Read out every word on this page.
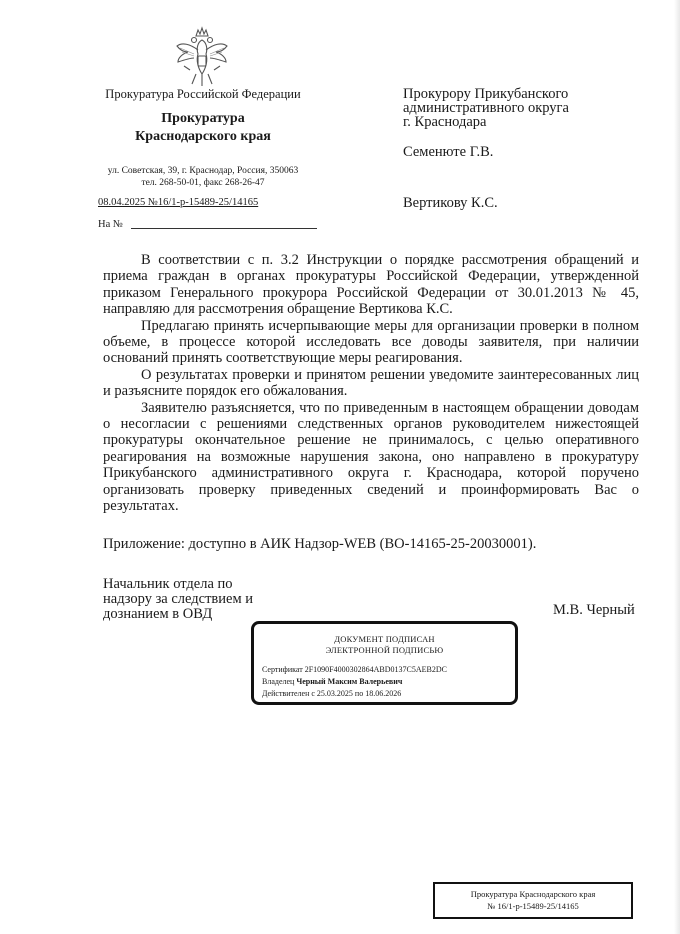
Прокуратура Российской Федерации
Прокуратура
Краснодарского края
ул. Советская, 39, г. Краснодар, Россия, 350063
тел. 268-50-01, факс 268-26-47
08.04.2025 №16/1-р-15489-25/14165
На №
Прокурору Прикубанского
административного округа
г. Краснодара
Семенюте Г.В.
Вертикову К.С.

В соответствии с п. 3.2 Инструкции о порядке рассмотрения обращений и приема граждан в органах прокуратуры Российской Федерации, утвержденной приказом Генерального прокурора Российской Федерации от 30.01.2013 № 45, направляю для рассмотрения обращение Вертикова К.С.

Предлагаю принять исчерпывающие меры для организации проверки в полном объеме, в процессе которой исследовать все доводы заявителя, при наличии оснований принять соответствующие меры реагирования.

О результатах проверки и принятом решении уведомите заинтересованных лиц и разъясните порядок его обжалования.

Заявителю разъясняется, что по приведенным в настоящем обращении доводам о несогласии с решениями следственных органов руководителем нижестоящей прокуратуры окончательное решение не принималось, с целью оперативного реагирования на возможные нарушения закона, оно направлено в прокуратуру Прикубанского административного округа г. Краснодара, которой поручено организовать проверку приведенных сведений и проинформировать Вас о результатах.

Приложение: доступно в АИК Надзор-WEB (ВО-14165-25-20030001).
Начальник отдела по
надзору за следствием и
дознанием в ОВД	М.В. Черный
ДОКУМЕНТ ПОДПИСАН
ЭЛЕКТРОННОЙ ПОДПИСЬЮ
Сертификат 2F1090F4000302864ABD0137C5AEB2DC
Владелец Черный Максим Валерьевич
Действителен с 25.03.2025 по 18.06.2026
Прокуратура Краснодарского края
№ 16/1-р-15489-25/14165
